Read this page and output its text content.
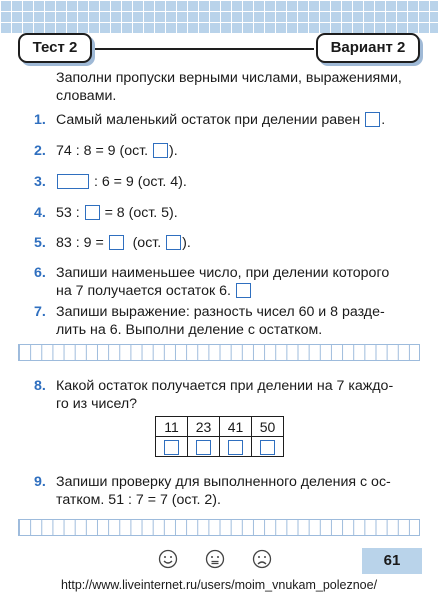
Тест 2	Вариант 2
Заполни пропуски верными числами, выражениями,
словами.
1. Самый маленький остаток при делении равен .
2. 74 : 8 = 9 (ост. ).
3.	: 6 = 9 (ост. 4).
4. 53 : = 8 (ост. 5).
5. 83 : 9 = (ост. ).
6. Запиши наименьшее число, при делении которого
на 7 получается остаток 6.
7. Запиши выражение: разность чисел 60 и 8 разде-
лить на 6. Выполни деление с остатком.
8. Какой остаток получается при делении на 7 каждо-
го из чисел?
11	23	41	50

9. Запиши проверку для выполненного деления с ос-
татком. 51 : 7 = 7 (ост. 2).
61
http://www.liveinternet.ru/users/moim_vnukam_poleznoe/
